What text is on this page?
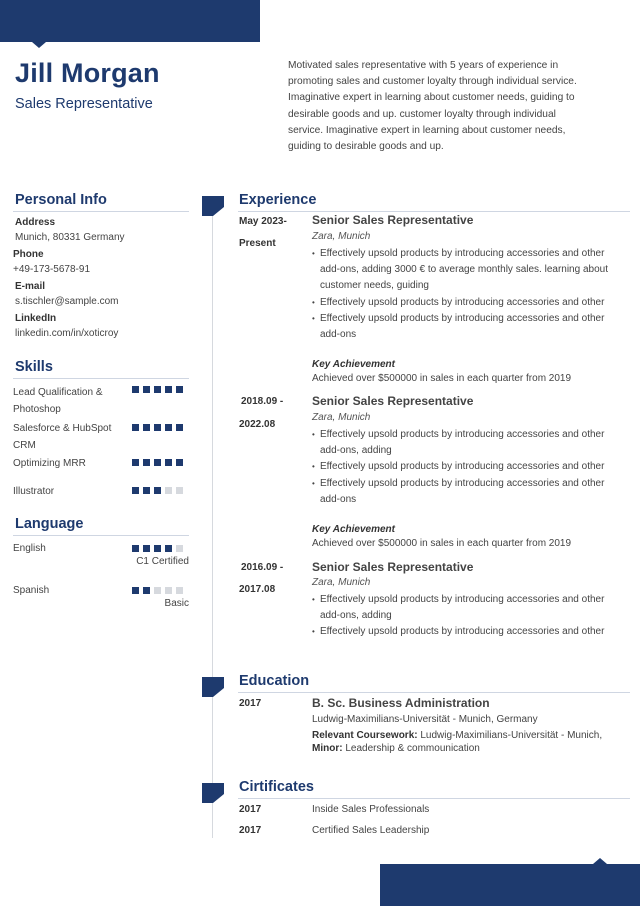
Jill Morgan
Sales Representative
Motivated sales representative with 5 years of experience in promoting sales and customer loyalty through individual service. Imaginative expert in learning about customer needs, guiding to desirable goods and up. customer loyalty through individual service. Imaginative expert in learning about customer needs, guiding to desirable goods and up.
Personal Info
Address
Munich, 80331 Germany
Phone
+49-173-5678-91
E-mail
s.tischler@sample.com
LinkedIn
linkedin.com/in/xoticroy
Skills
Lead Qualification & Photoshop
Salesforce & HubSpot CRM
Optimizing MRR
Illustrator
Language
English
C1 Certified
Spanish
Basic
Experience
May 2023-
Present
Senior Sales Representative
Zara, Munich
• Effectively upsold products by introducing accessories and other add-ons, adding 3000 € to average monthly sales. learning about customer needs, guiding
• Effectively upsold products by introducing accessories and other
• Effectively upsold products by introducing accessories and other add-ons
Key Achievement
Achieved over $500000 in sales in each quarter from 2019
2018.09 -
2022.08
Senior Sales Representative
Zara, Munich
• Effectively upsold products by introducing accessories and other add-ons, adding
• Effectively upsold products by introducing accessories and other
• Effectively upsold products by introducing accessories and other add-ons
Key Achievement
Achieved over $500000 in sales in each quarter from 2019
2016.09 -
2017.08
Senior Sales Representative
Zara, Munich
• Effectively upsold products by introducing accessories and other add-ons, adding
• Effectively upsold products by introducing accessories and other
Education
2017	B. Sc. Business Administration
Ludwig-Maximilians-Universität - Munich, Germany
Relevant Coursework: Ludwig-Maximilians-Universität - Munich,
Minor: Leadership & commounication
Cirtificates
2017	Inside Sales Professionals
2017	Certified Sales Leadership
